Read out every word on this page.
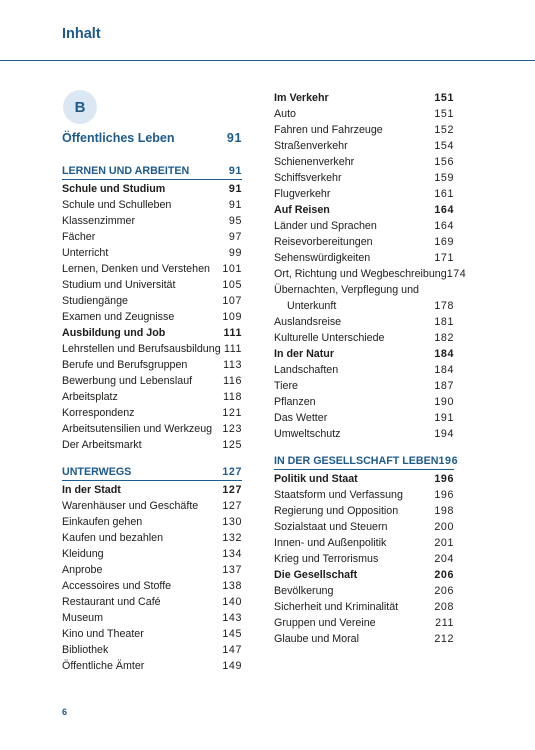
Inhalt
B
Öffentliches Leben	91
LERNEN UND ARBEITEN	91
Schule und Studium	91
Schule und Schulleben	91
Klassenzimmer	95
Fächer	97
Unterricht	99
Lernen, Denken und Verstehen 101
Studium und Universität	105
Studiengänge	107
Examen und Zeugnisse	109
Ausbildung und Job	111
Lehrstellen und Berufsausbildung 111
Berufe und Berufsgruppen	113
Bewerbung und Lebenslauf	116
Arbeitsplatz	118
Korrespondenz	121
Arbeitsutensilien und Werkzeug 123
Der Arbeitsmarkt	125
UNTERWEGS	127
In der Stadt	127
Warenhäuser und Geschäfte 127
Einkaufen gehen	130
Kaufen und bezahlen	132
Kleidung	134
Anprobe	137
Accessoires und Stoffe	138
Restaurant und Café	140
Museum	143
Kino und Theater	145
Bibliothek	147
Öffentliche Ämter	149
Im Verkehr	151
Auto	151
Fahren und Fahrzeuge	152
Straßenverkehr	154
Schienenverkehr	156
Schiffsverkehr	159
Flugverkehr	161
Auf Reisen	164
Länder und Sprachen	164
Reisevorbereitungen	169
Sehenswürdigkeiten	171
Ort, Richtung und Wegbeschreibung 174
Übernachten, Verpflegung und
Unterkunft	178
Auslandsreise	181
Kulturelle Unterschiede	182
In der Natur	184
Landschaften	184
Tiere	187
Pflanzen	190
Das Wetter	191
Umweltschutz	194
IN DER GESELLSCHAFT LEBEN 196
Politik und Staat	196
Staatsform und Verfassung	196
Regierung und Opposition	198
Sozialstaat und Steuern	200
Innen- und Außenpolitik	201
Krieg und Terrorismus	204
Die Gesellschaft	206
Bevölkerung	206
Sicherheit und Kriminalität	208
Gruppen und Vereine	211
Glaube und Moral	212
6
